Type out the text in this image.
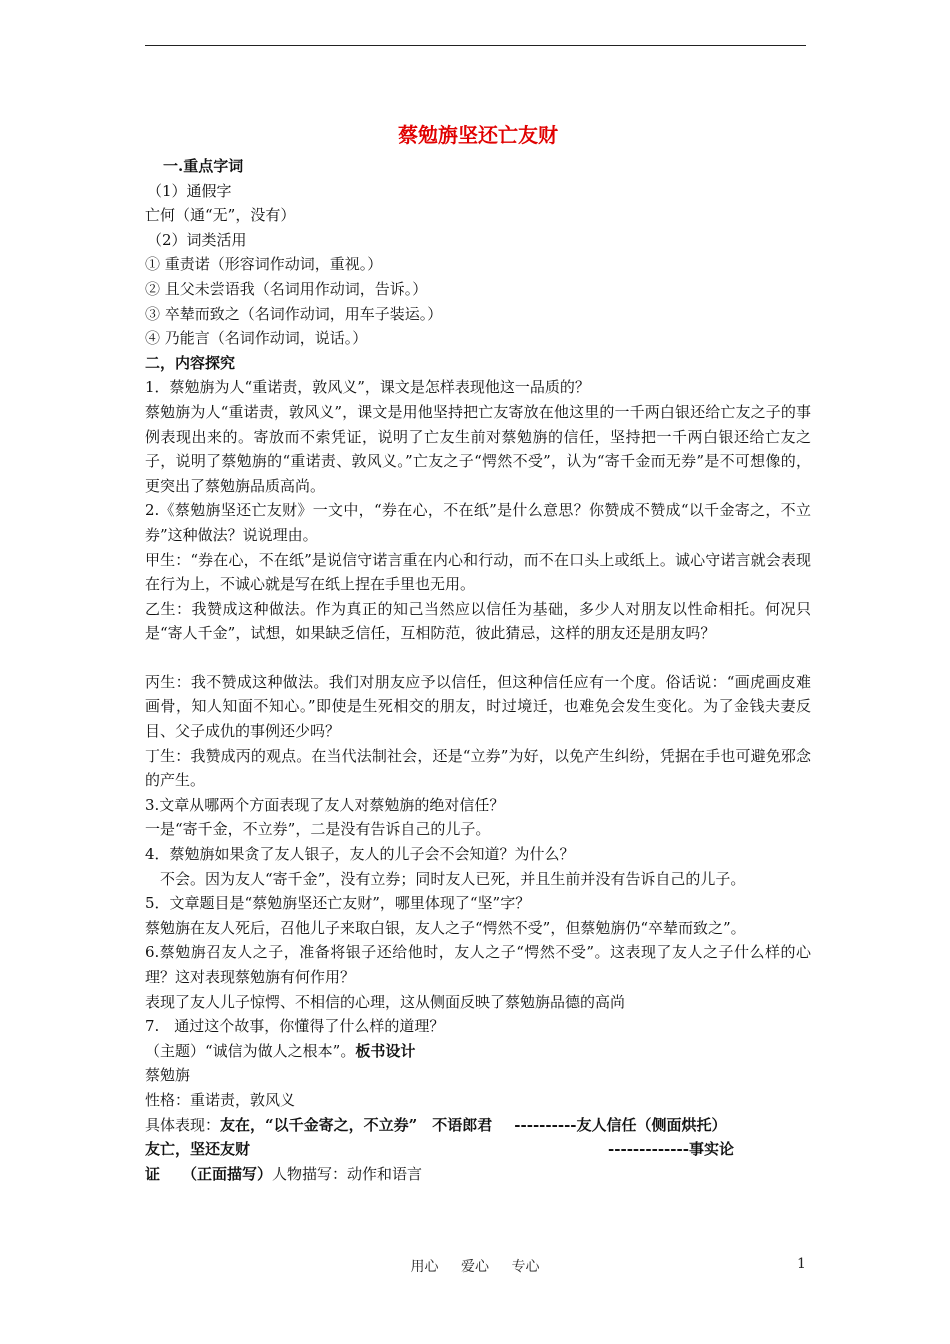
蔡勉旃坚还亡友财

一.重点字词

（1）通假字

亡何（通“无”，没有）

（2）词类活用

① 重责诺（形容词作动词，重视。）

② 且父未尝语我（名词用作动词，告诉。）

③ 卒辇而致之（名词作动词，用车子装运。）

④ 乃能言（名词作动词，说话。）

二，内容探究

1．蔡勉旃为人“重诺责，敦风义”，课文是怎样表现他这一品质的？

蔡勉旃为人“重诺责，敦风义”，课文是用他坚持把亡友寄放在他这里的一千两白银还给亡友之子的事例表现出来的。寄放而不索凭证，说明了亡友生前对蔡勉旃的信任，坚持把一千两白银还给亡友之子，说明了蔡勉旃的“重诺责、敦风义。”亡友之子“愕然不受”，认为“寄千金而无券”是不可想像的，更突出了蔡勉旃品质高尚。

2.《蔡勉旃坚还亡友财》一文中，“券在心，不在纸”是什么意思？你赞成不赞成“以千金寄之，不立券”这种做法？说说理由。

甲生：“券在心，不在纸”是说信守诺言重在内心和行动，而不在口头上或纸上。诚心守诺言就会表现在行为上，不诚心就是写在纸上捏在手里也无用。

乙生：我赞成这种做法。作为真正的知己当然应以信任为基础，多少人对朋友以性命相托。何况只是“寄人千金”，试想，如果缺乏信任，互相防范，彼此猜忌，这样的朋友还是朋友吗？

丙生：我不赞成这种做法。我们对朋友应予以信任，但这种信任应有一个度。俗话说：“画虎画皮难画骨，知人知面不知心。”即使是生死相交的朋友，时过境迁，也难免会发生变化。为了金钱夫妻反目、父子成仇的事例还少吗？

丁生：我赞成丙的观点。在当代法制社会，还是“立券”为好，以免产生纠纷，凭据在手也可避免邪念的产生。

3.文章从哪两个方面表现了友人对蔡勉旃的绝对信任？

一是“寄千金，不立券”，二是没有告诉自己的儿子。

4．蔡勉旃如果贪了友人银子，友人的儿子会不会知道？为什么？

不会。因为友人“寄千金”，没有立券；同时友人已死，并且生前并没有告诉自己的儿子。

5．文章题目是“蔡勉旃坚还亡友财”，哪里体现了“坚”字？

蔡勉旃在友人死后，召他儿子来取白银，友人之子“愕然不受”，但蔡勉旃仍“卒辇而致之”。

6.蔡勉旃召友人之子，准备将银子还给他时，友人之子“愕然不受”。这表现了友人之子什么样的心理？这对表现蔡勉旃有何作用？

表现了友人儿子惊愕、不相信的心理，这从侧面反映了蔡勉旃品德的高尚

7.　通过这个故事，你懂得了什么样的道理？

（主题）“诚信为做人之根本”。板书设计

蔡勉旃

性格：重诺责，敦风义

具体表现： 友在，“以千金寄之，不立券”　不语郎君 ----------友人信任（侧面烘托）
友亡，坚还友财	-------------事实论
证 （正面描写） 人物描写：动作和语言
用心 爱心 专心	1
